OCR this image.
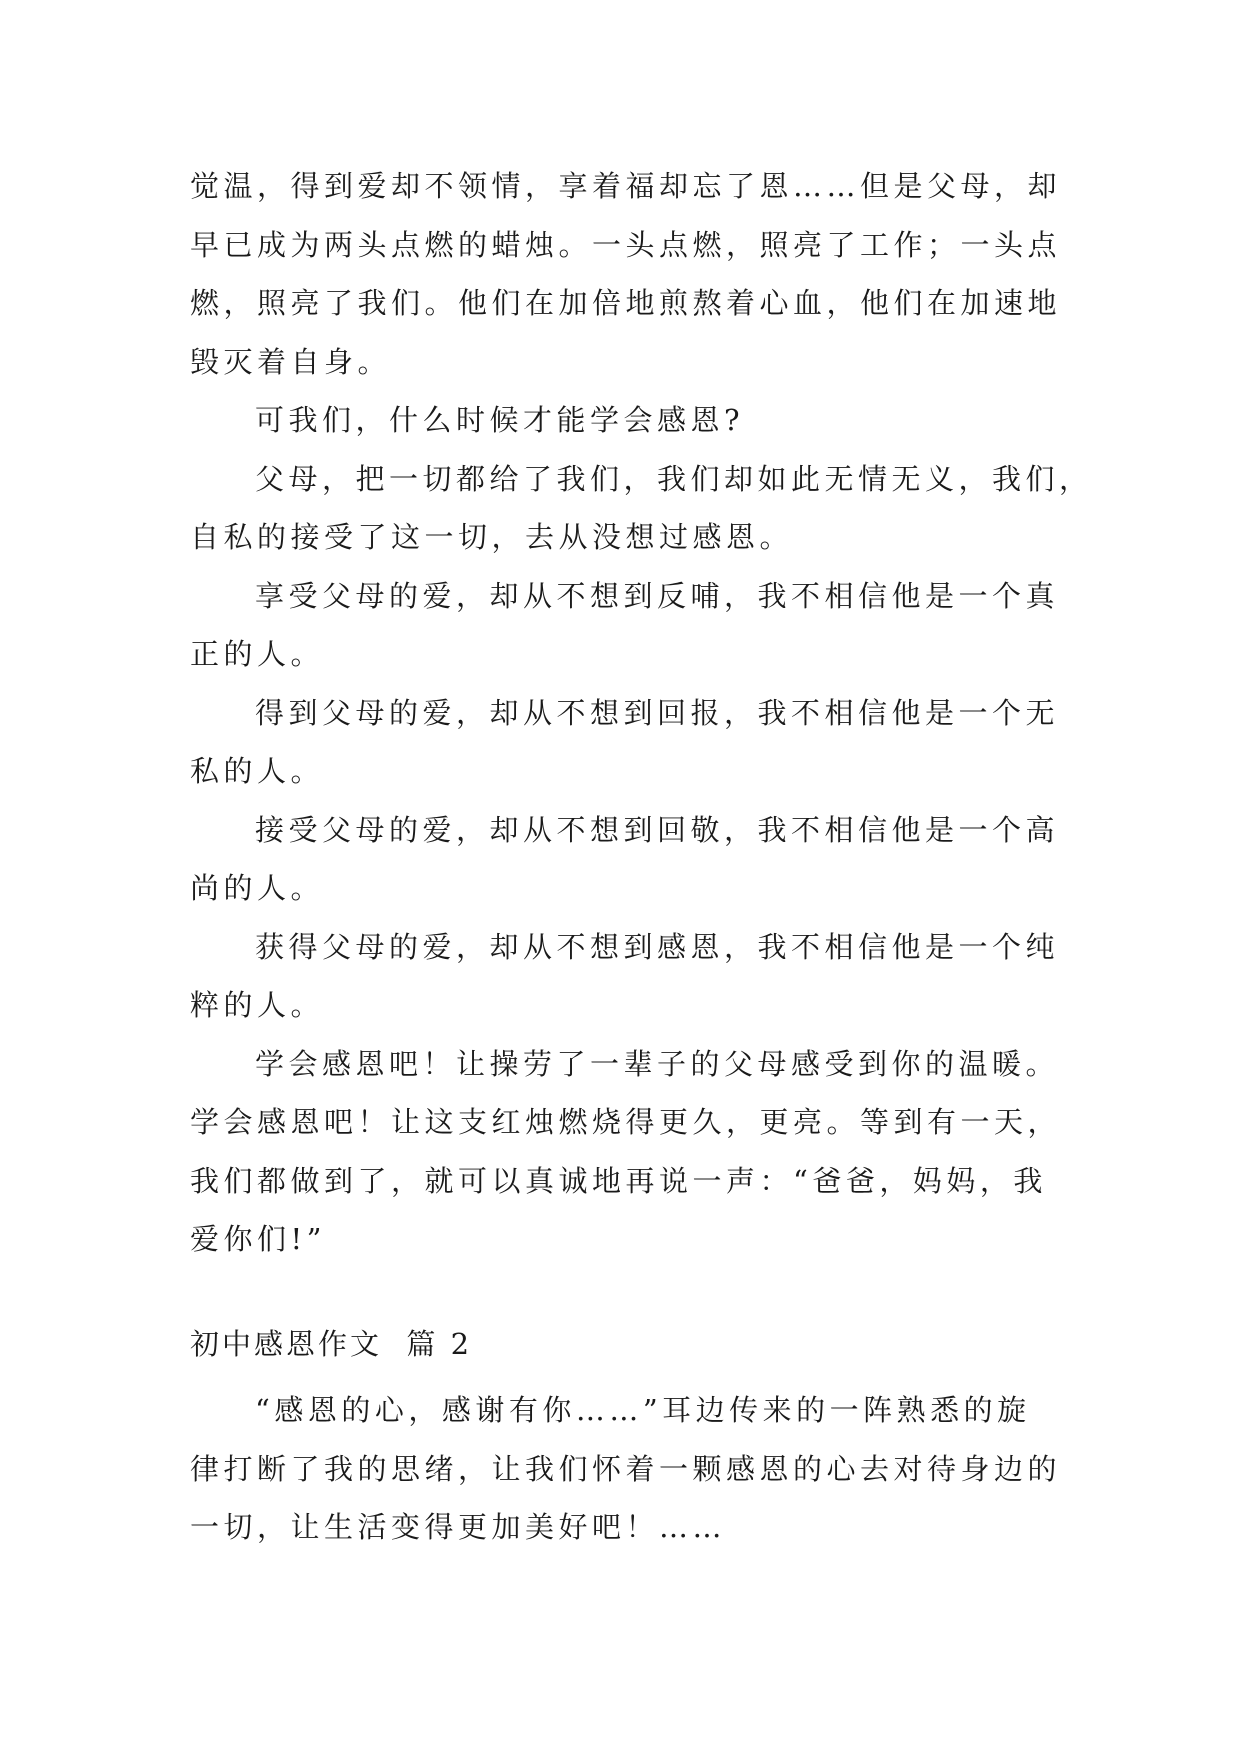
觉温，得到爱却不领情，享着福却忘了恩……但是父母，却
早已成为两头点燃的蜡烛。一头点燃，照亮了工作；一头点
燃，照亮了我们。他们在加倍地煎熬着心血，他们在加速地
毁灭着自身。
可我们，什么时候才能学会感恩?
父母，把一切都给了我们，我们却如此无情无义，我们，
自私的接受了这一切，去从没想过感恩。
享受父母的爱，却从不想到反哺，我不相信他是一个真
正的人。
得到父母的爱，却从不想到回报，我不相信他是一个无
私的人。
接受父母的爱，却从不想到回敬，我不相信他是一个高
尚的人。
获得父母的爱，却从不想到感恩，我不相信他是一个纯
粹的人。
学会感恩吧！让操劳了一辈子的父母感受到你的温暖。
学会感恩吧！让这支红烛燃烧得更久，更亮。等到有一天，
我们都做到了，就可以真诚地再说一声：“爸爸，妈妈，我
爱你们!”
初中感恩作文  篇 2
“感恩的心，感谢有你……”耳边传来的一阵熟悉的旋
律打断了我的思绪，让我们怀着一颗感恩的心去对待身边的
一切，让生活变得更加美好吧！……
